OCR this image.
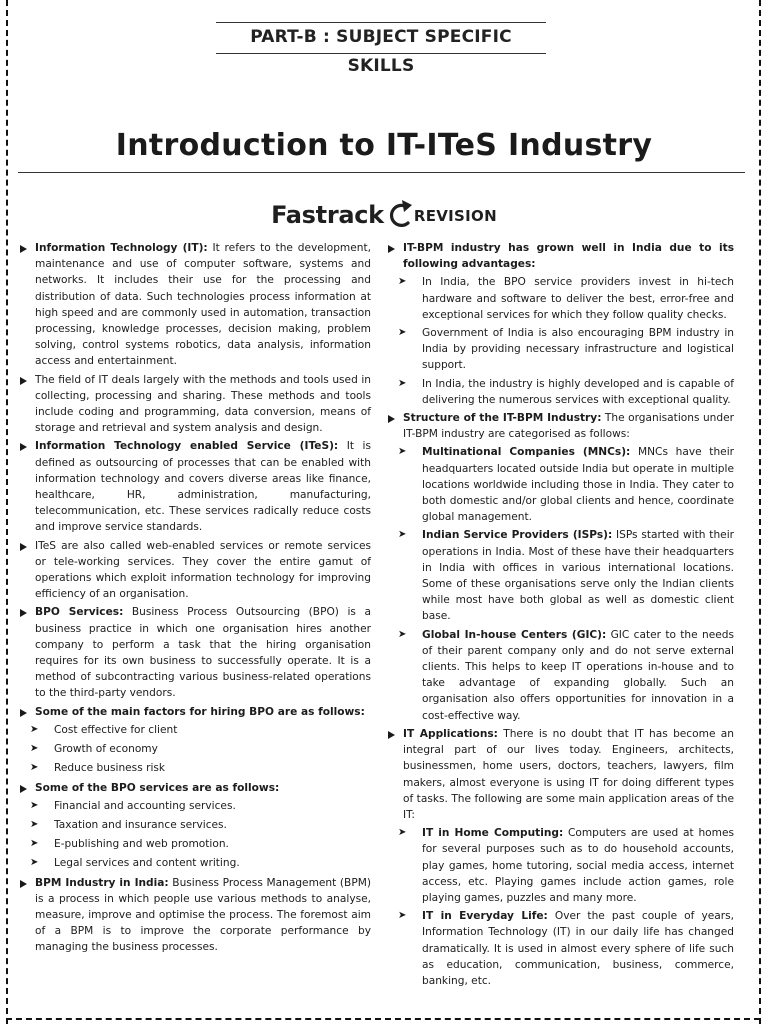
PART-B : SUBJECT SPECIFIC SKILLS
Introduction to IT-ITeS Industry
Fastrack REVISION
Information Technology (IT): It refers to the development, maintenance and use of computer software, systems and networks. It includes their use for the processing and distribution of data. Such technologies process information at high speed and are commonly used in automation, transaction processing, knowledge processes, decision making, problem solving, control systems robotics, data analysis, information access and entertainment.
The field of IT deals largely with the methods and tools used in collecting, processing and sharing. These methods and tools include coding and programming, data conversion, means of storage and retrieval and system analysis and design.
Information Technology enabled Service (ITeS): It is defined as outsourcing of processes that can be enabled with information technology and covers diverse areas like finance, healthcare, HR, administration, manufacturing, telecommunication, etc. These services radically reduce costs and improve service standards.
ITeS are also called web-enabled services or remote services or tele-working services. They cover the entire gamut of operations which exploit information technology for improving efficiency of an organisation.
BPO Services: Business Process Outsourcing (BPO) is a business practice in which one organisation hires another company to perform a task that the hiring organisation requires for its own business to successfully operate. It is a method of subcontracting various business-related operations to the third-party vendors.
Some of the main factors for hiring BPO are as follows:
➤ Cost effective for client
➤ Growth of economy
➤ Reduce business risk
Some of the BPO services are as follows:
➤ Financial and accounting services.
➤ Taxation and insurance services.
➤ E-publishing and web promotion.
➤ Legal services and content writing.
BPM Industry in India: Business Process Management (BPM) is a process in which people use various methods to analyse, measure, improve and optimise the process. The foremost aim of a BPM is to improve the corporate performance by managing the business processes.
IT-BPM industry has grown well in India due to its following advantages:
➤ In India, the BPO service providers invest in hi-tech hardware and software to deliver the best, error-free and exceptional services for which they follow quality checks.
➤ Government of India is also encouraging BPM industry in India by providing necessary infrastructure and logistical support.
➤ In India, the industry is highly developed and is capable of delivering the numerous services with exceptional quality.
Structure of the IT-BPM Industry: The organisations under IT-BPM industry are categorised as follows:
➤ Multinational Companies (MNCs): MNCs have their headquarters located outside India but operate in multiple locations worldwide including those in India. They cater to both domestic and/or global clients and hence, coordinate global management.
➤ Indian Service Providers (ISPs): ISPs started with their operations in India. Most of these have their headquarters in India with offices in various international locations. Some of these organisations serve only the Indian clients while most have both global as well as domestic client base.
➤ Global In-house Centers (GIC): GIC cater to the needs of their parent company only and do not serve external clients. This helps to keep IT operations in-house and to take advantage of expanding globally. Such an organisation also offers opportunities for innovation in a cost-effective way.
IT Applications: There is no doubt that IT has become an integral part of our lives today. Engineers, architects, businessmen, home users, doctors, teachers, lawyers, film makers, almost everyone is using IT for doing different types of tasks. The following are some main application areas of the IT:
➤ IT in Home Computing: Computers are used at homes for several purposes such as to do household accounts, play games, home tutoring, social media access, internet access, etc. Playing games include action games, role playing games, puzzles and many more.
➤ IT in Everyday Life: Over the past couple of years, Information Technology (IT) in our daily life has changed dramatically. It is used in almost every sphere of life such as education, communication, business, commerce, banking, etc.
